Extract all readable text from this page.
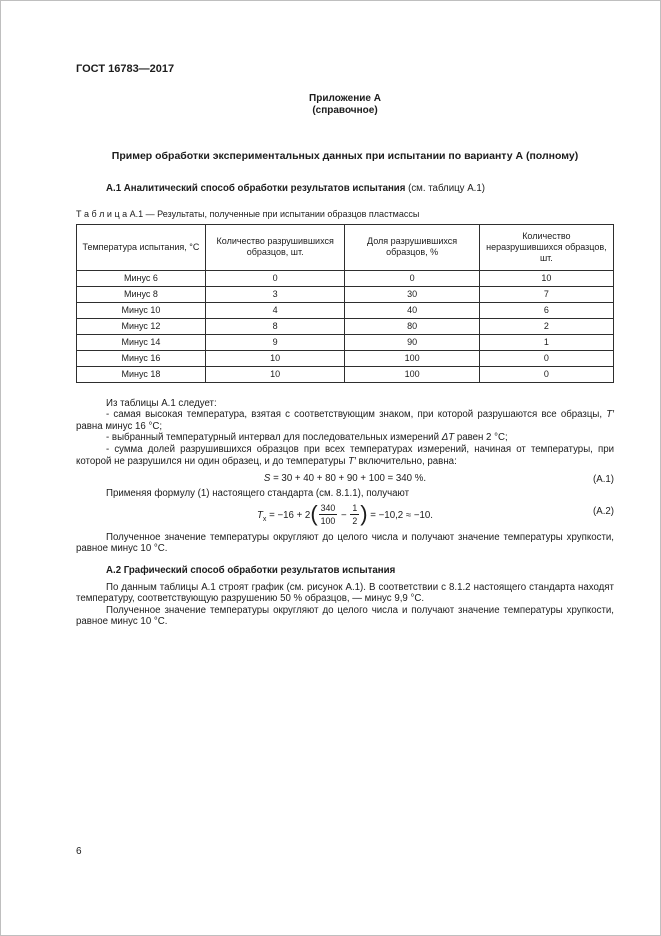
ГОСТ 16783—2017
Приложение А
(справочное)
Пример обработки экспериментальных данных при испытании по варианту А (полному)

А.1 Аналитический способ обработки результатов испытания (см. таблицу А.1)

Т а б л и ц а А.1 — Результаты, полученные при испытании образцов пластмассы
Температура испытания, °С	Количество разрушившихся образцов, шт.	Доля разрушившихся образцов, %	Количество неразрушившихся образцов, шт.
Минус 6	0	0	10
Минус 8	3	30	7
Минус 10	4	40	6
Минус 12	8	80	2
Минус 14	9	90	1
Минус 16	10	100	0
Минус 18	10	100	0

Из таблицы А.1 следует:

- самая высокая температура, взятая с соответствующим знаком, при которой разрушаются все образцы, Т′ равна минус 16 °С;

- выбранный температурный интервал для последовательных измерений ΔТ равен 2 °С;

- сумма долей разрушившихся образцов при всех температурах измерений, начиная от температуры, при которой не разрушился ни один образец, и до температуры Т′ включительно, равна:

S = 30 + 40 + 80 + 90 + 100 = 340 %.	(А.1)

Применяя формулу (1) настоящего стандарта (см. 8.1.1), получают

$Т_х = -16 + 2( \frac{340}{100} - \frac{1}{2}$ ) = −10,2 ≈ −10.	(А.2)

Полученное значение температуры округляют до целого числа и получают значение температуры хрупкости, равное минус 10 °С.

А.2 Графический способ обработки результатов испытания

По данным таблицы А.1 строят график (см. рисунок А.1). В соответствии с 8.1.2 настоящего стандарта находят температуру, соответствующую разрушению 50 % образцов, — минус 9,9 °С.

Полученное значение температуры округляют до целого числа и получают значение температуры хрупкости, равное минус 10 °С.

6
